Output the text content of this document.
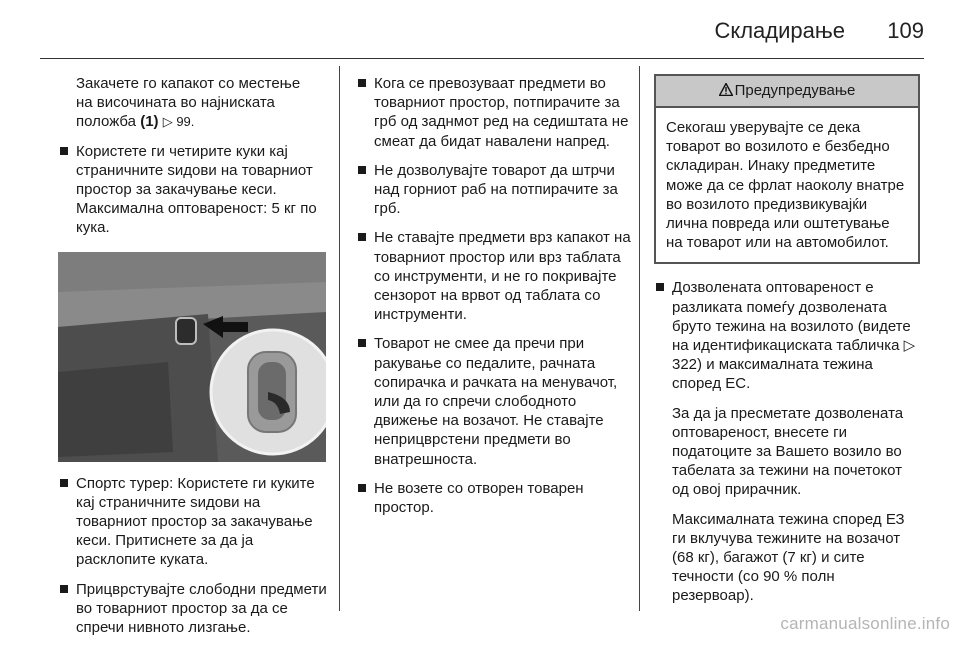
Складирање	109
Закачете го капакот со местење
на височината во најниската
положба (1) ▷ 99.
Користете ги четирите куки кај страничните ѕидови на товарниот простор за закачување кеси. Максимална оптовареност: 5 кг по кука.
Спортс турер: Користете ги куките кај страничните ѕидови на товарниот простор за закачување кеси. Притиснете за да ја расклопите куката.
Прицврстувајте слободни предмети во товарниот простор за да се спречи нивното лизгање.
Кога се превозуваат предмети во товарниот простор, потпирачите за грб од заднмот ред на седиштата не смеат да бидат навалени напред.
Не дозволувајте товарот да штрчи над горниот раб на потпирачите за грб.
Не ставајте предмети врз капакот на товарниот простор или врз таблата со инструменти, и не го покривајте сензорот на врвот од таблата со инструменти.
Товарот не смее да пречи при ракување со педалите, рачната сопирачка и рачката на менувачот, или да го спречи слободното движење на возачот. Не ставајте неприцврстени предмети во внатрешноста.
Не возете со отворен товарен простор.
Предупредување
Секогаш уверувајте се дека товарот во возилото е безбедно складиран. Инаку предметите може да се фрлат наоколу внатре во возилото предизвикувајќи лична повреда или оштетување на товарот или на автомобилот.
Дозволената оптовареност е разликата помеѓу дозволената бруто тежина на возилото (видете на идентификациската табличка ▷ 322) и максималната тежина според ЕС.
За да ја пресметате дозволената оптовареност, внесете ги податоците за Вашето возило во табелата за тежини на почетокот од овој прирачник.
Максималната тежина според ЕЗ ги вклучува тежините на возачот (68 кг), багажот (7 кг) и сите течности (со 90 % полн резервоар).
carmanualsonline.info
